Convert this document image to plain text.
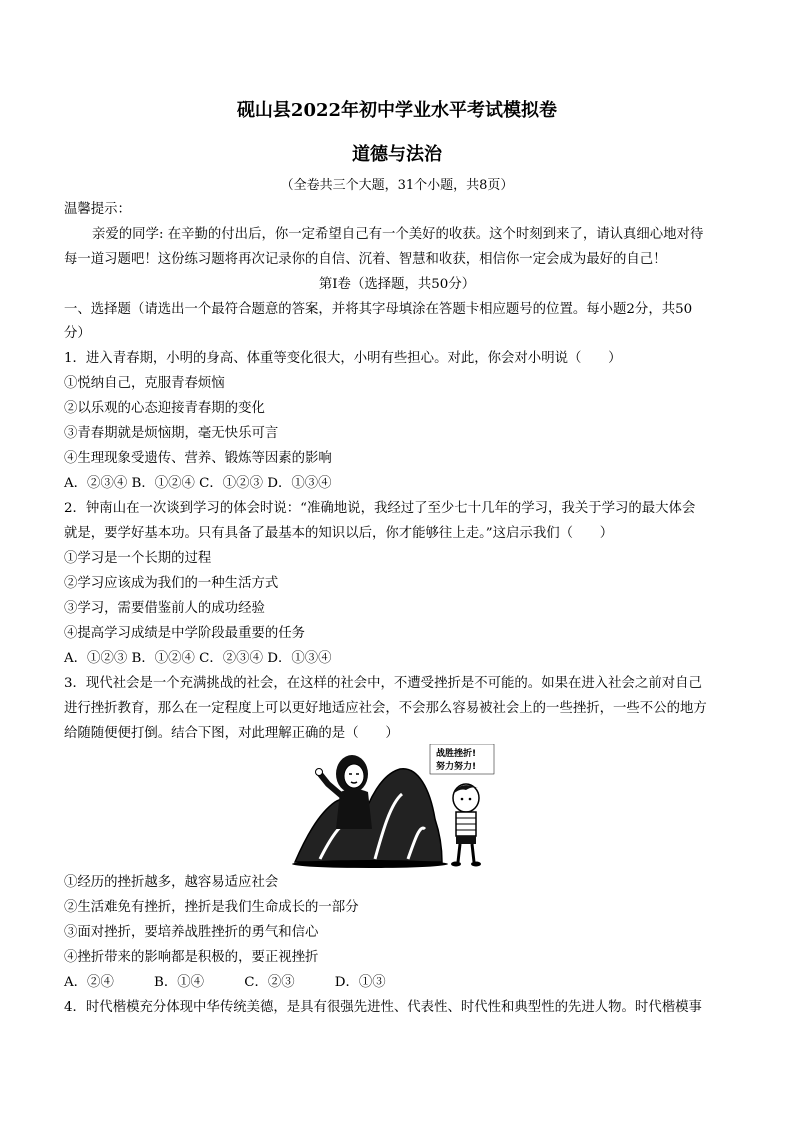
砚山县2022年初中学业水平考试模拟卷
道德与法治
（全卷共三个大题，31个小题，共8页）
温馨提示：
亲爱的同学: 在辛勤的付出后，你一定希望自己有一个美好的收获。这个时刻到来了，请认真细心地对待
每一道习题吧！这份练习题将再次记录你的自信、沉着、智慧和收获，相信你一定会成为最好的自己！
第Ⅰ卷（选择题，共50分）
一、选择题（请选出一个最符合题意的答案，并将其字母填涂在答题卡相应题号的位置。每小题2分，共50
分）
1．进入青春期，小明的身高、体重等变化很大，小明有些担心。对此，你会对小明说（　　）
①悦纳自己，克服青春烦恼
②以乐观的心态迎接青春期的变化
③青春期就是烦恼期，毫无快乐可言
④生理现象受遗传、营养、锻炼等因素的影响
A．②③④ B．①②④ C．①②③ D．①③④
2．钟南山在一次谈到学习的体会时说：“准确地说，我经过了至少七十几年的学习，我关于学习的最大体会
就是，要学好基本功。只有具备了最基本的知识以后，你才能够往上走。”这启示我们（　　）
①学习是一个长期的过程
②学习应该成为我们的一种生活方式
③学习，需要借鉴前人的成功经验
④提高学习成绩是中学阶段最重要的任务
A．①②③ B．①②④ C．②③④ D．①③④
3．现代社会是一个充满挑战的社会，在这样的社会中，不遭受挫折是不可能的。如果在进入社会之前对自己
进行挫折教育，那么在一定程度上可以更好地适应社会，不会那么容易被社会上的一些挫折，一些不公的地方
给随随便便打倒。结合下图，对此理解正确的是（　　）
战胜挫折!
努力努力!
①经历的挫折越多，越容易适应社会
②生活难免有挫折，挫折是我们生命成长的一部分
③面对挫折，要培养战胜挫折的勇气和信心
④挫折带来的影响都是积极的，要正视挫折
A．②④　　　B．①④　　　C．②③　　　D．①③
4．时代楷模充分体现中华传统美德，是具有很强先进性、代表性、时代性和典型性的先进人物。时代楷模事
